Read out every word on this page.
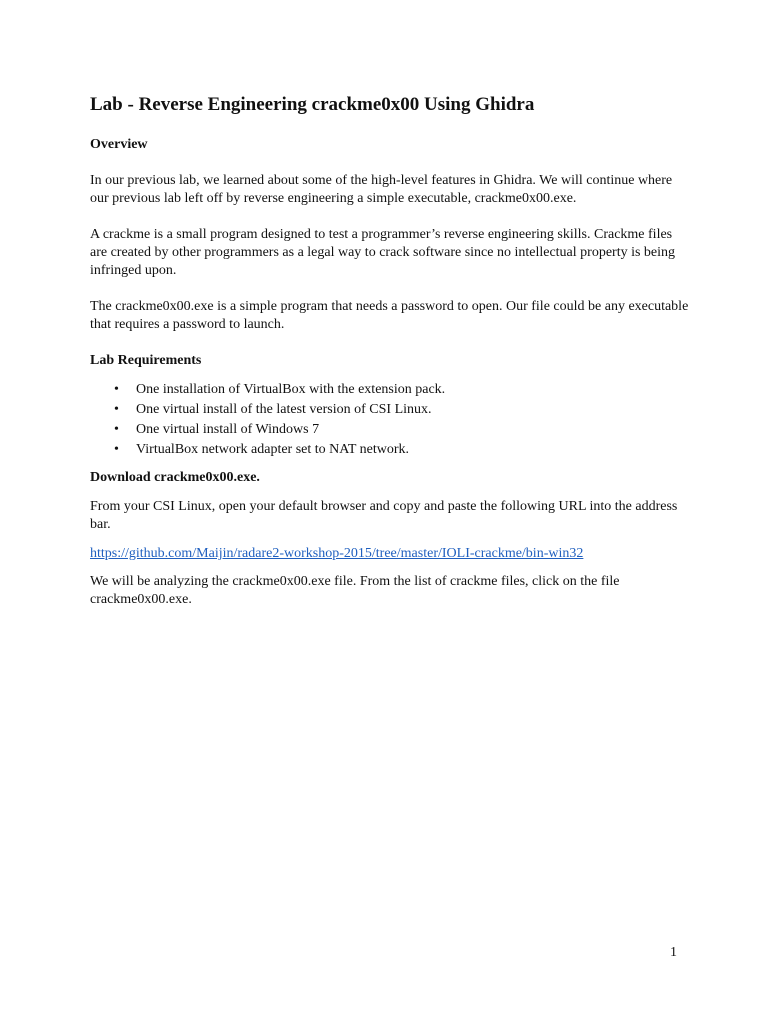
Lab - Reverse Engineering crackme0x00 Using Ghidra
Overview

In our previous lab, we learned about some of the high-level features in Ghidra. We will continue where our previous lab left off by reverse engineering a simple executable, crackme0x00.exe.

A crackme is a small program designed to test a programmer’s reverse engineering skills. Crackme files are created by other programmers as a legal way to crack software since no intellectual property is being infringed upon.

The crackme0x00.exe is a simple program that needs a password to open. Our file could be any executable that requires a password to launch.

Lab Requirements
• One installation of VirtualBox with the extension pack.
• One virtual install of the latest version of CSI Linux.
• One virtual install of Windows 7
• VirtualBox network adapter set to NAT network.
Download crackme0x00.exe.

From your CSI Linux, open your default browser and copy and paste the following URL into the address bar.

https://github.com/Maijin/radare2-workshop-2015/tree/master/IOLI-crackme/bin-win32

We will be analyzing the crackme0x00.exe file. From the list of crackme files, click on the file crackme0x00.exe.

1
